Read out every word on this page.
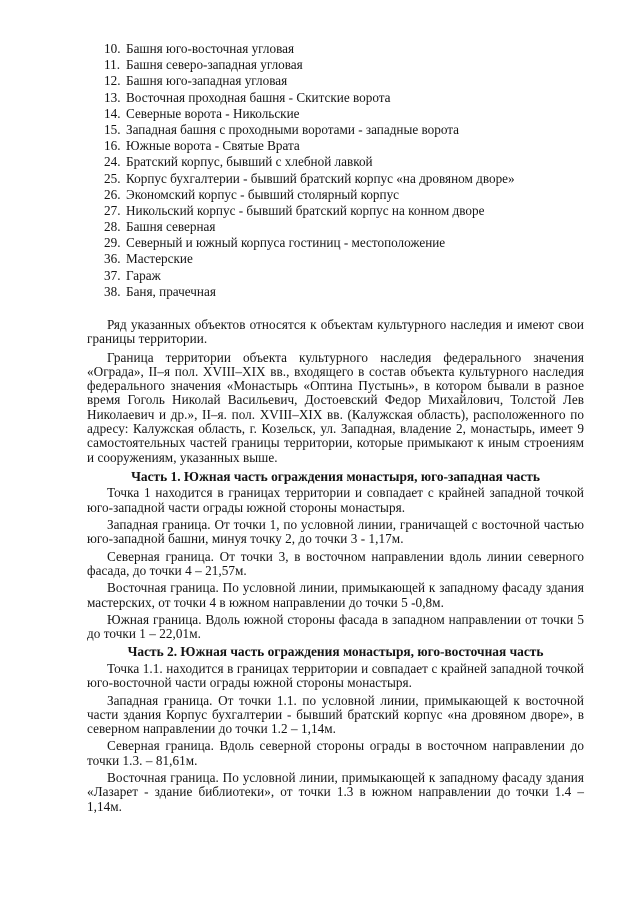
10. Башня юго-восточная угловая
11. Башня северо-западная угловая
12. Башня юго-западная угловая
13. Восточная проходная башня - Скитские ворота
14. Северные ворота - Никольские
15. Западная башня с проходными воротами - западные ворота
16. Южные ворота - Святые Врата
24. Братский корпус, бывший с хлебной лавкой
25. Корпус бухгалтерии - бывший братский корпус «на дровяном дворе»
26. Экономский корпус - бывший столярный корпус
27. Никольский корпус - бывший братский корпус на конном дворе
28. Башня северная
29. Северный и южный корпуса гостиниц - местоположение
36. Мастерские
37. Гараж
38. Баня, прачечная

Ряд указанных объектов относятся к объектам культурного наследия и имеют свои границы территории.

Граница территории объекта культурного наследия федерального значения «Ограда», II–я пол. XVIII–XIX вв., входящего в состав объекта культурного наследия федерального значения «Монастырь «Оптина Пустынь», в котором бывали в разное время Гоголь Николай Васильевич, Достоевский Федор Михайлович, Толстой Лев Николаевич и др.», II–я. пол. XVIII–XIX вв. (Калужская область), расположенного по адресу: Калужская область, г. Козельск, ул. Западная, владение 2, монастырь, имеет 9 самостоятельных частей границы территории, которые примыкают к иным строениям и сооружениям, указанных выше.

Часть 1. Южная часть ограждения монастыря, юго-западная часть

Точка 1 находится в границах территории и совпадает с крайней западной точкой юго-западной части ограды южной стороны монастыря.

Западная граница. От точки 1, по условной линии, граничащей с восточной частью юго-западной башни, минуя точку 2, до точки 3 - 1,17м.

Северная граница. От точки 3, в восточном направлении вдоль линии северного фасада, до точки 4 – 21,57м.

Восточная граница. По условной линии, примыкающей к западному фасаду здания мастерских, от точки 4 в южном направлении до точки 5 -0,8м.

Южная граница. Вдоль южной стороны фасада в западном направлении от точки 5 до точки 1 – 22,01м.

Часть 2. Южная часть ограждения монастыря, юго-восточная часть

Точка 1.1. находится в границах территории и совпадает с крайней западной точкой юго-восточной части ограды южной стороны монастыря.

Западная граница. От точки 1.1. по условной линии, примыкающей к восточной части здания Корпус бухгалтерии - бывший братский корпус «на дровяном дворе», в северном направлении до точки 1.2 – 1,14м.

Северная граница. Вдоль северной стороны ограды в восточном направлении до точки 1.3. – 81,61м.

Восточная граница. По условной линии, примыкающей к западному фасаду здания «Лазарет - здание библиотеки», от точки 1.3 в южном направлении до точки 1.4 – 1,14м.
